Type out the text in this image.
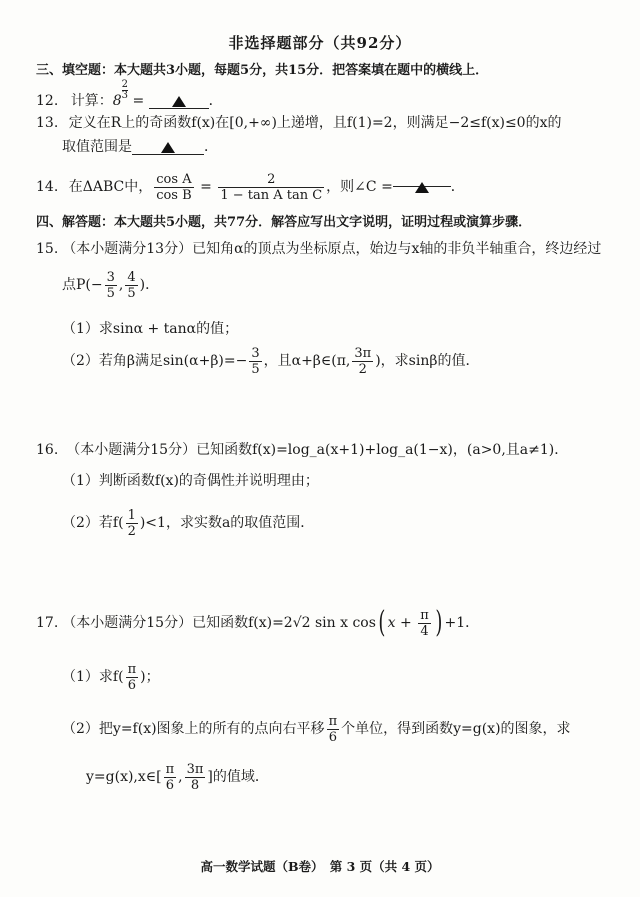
非选择题部分（共92分）
三、填空题：本大题共3小题，每题5分，共15分．把答案填在题中的横线上．
12. 计算：$8 \frac{2}{3}$ =	．
13. 定义在R上的奇函数f(x)在[0,+∞)上递增，且f(1)=2，则满足−2≤f(x)≤0的x的
取值范围是	．
14. 在ΔABC中， $\frac{\text{cos A}}{\text{cos B}} = \frac{2}{\text{1 − tan A tan C}}$ ，则∠C =	．
四、解答题：本大题共5小题，共77分．解答应写出文字说明，证明过程或演算步骤．
15. （本小题满分13分）已知角α的顶点为坐标原点，始边与x轴的非负半轴重合，终边经过
点$P(- \frac{3}{5}$ , $\frac{4}{5}$ )．
（1）求sinα + tanα的值；
（2）若角β满足$\sin(\alpha+\beta)=- \frac{3}{5}$ ，且α+β∈(π, $\frac{3\pi}{2}$ )，求sinβ的值．
16. （本小题满分15分）已知函数f(x)=log_a(x+1)+log_a(1−x)，(a>0,且a≠1)．
（1）判断函数f(x)的奇偶性并说明理由；
（2）若$f( \frac{1}{2} )<1$，求实数a的取值范围．
17. （本小题满分15分）已知函数f(x)=2√2 sin x cos( $x + \frac{\pi}{4}$ ) +1．
（1）求$f( \frac{\pi}{6}$ )；
（2）把y=f(x)图象上的所有的点向右平移 $\frac{\pi}{6}$ 个单位，得到函数y=g(x)的图象，求
y=g(x),x∈[ $\frac{\pi}{6}$ , $\frac{3\pi}{8}$ ]的值域．
高一数学试题（B卷）　第 3 页（共 4 页）
